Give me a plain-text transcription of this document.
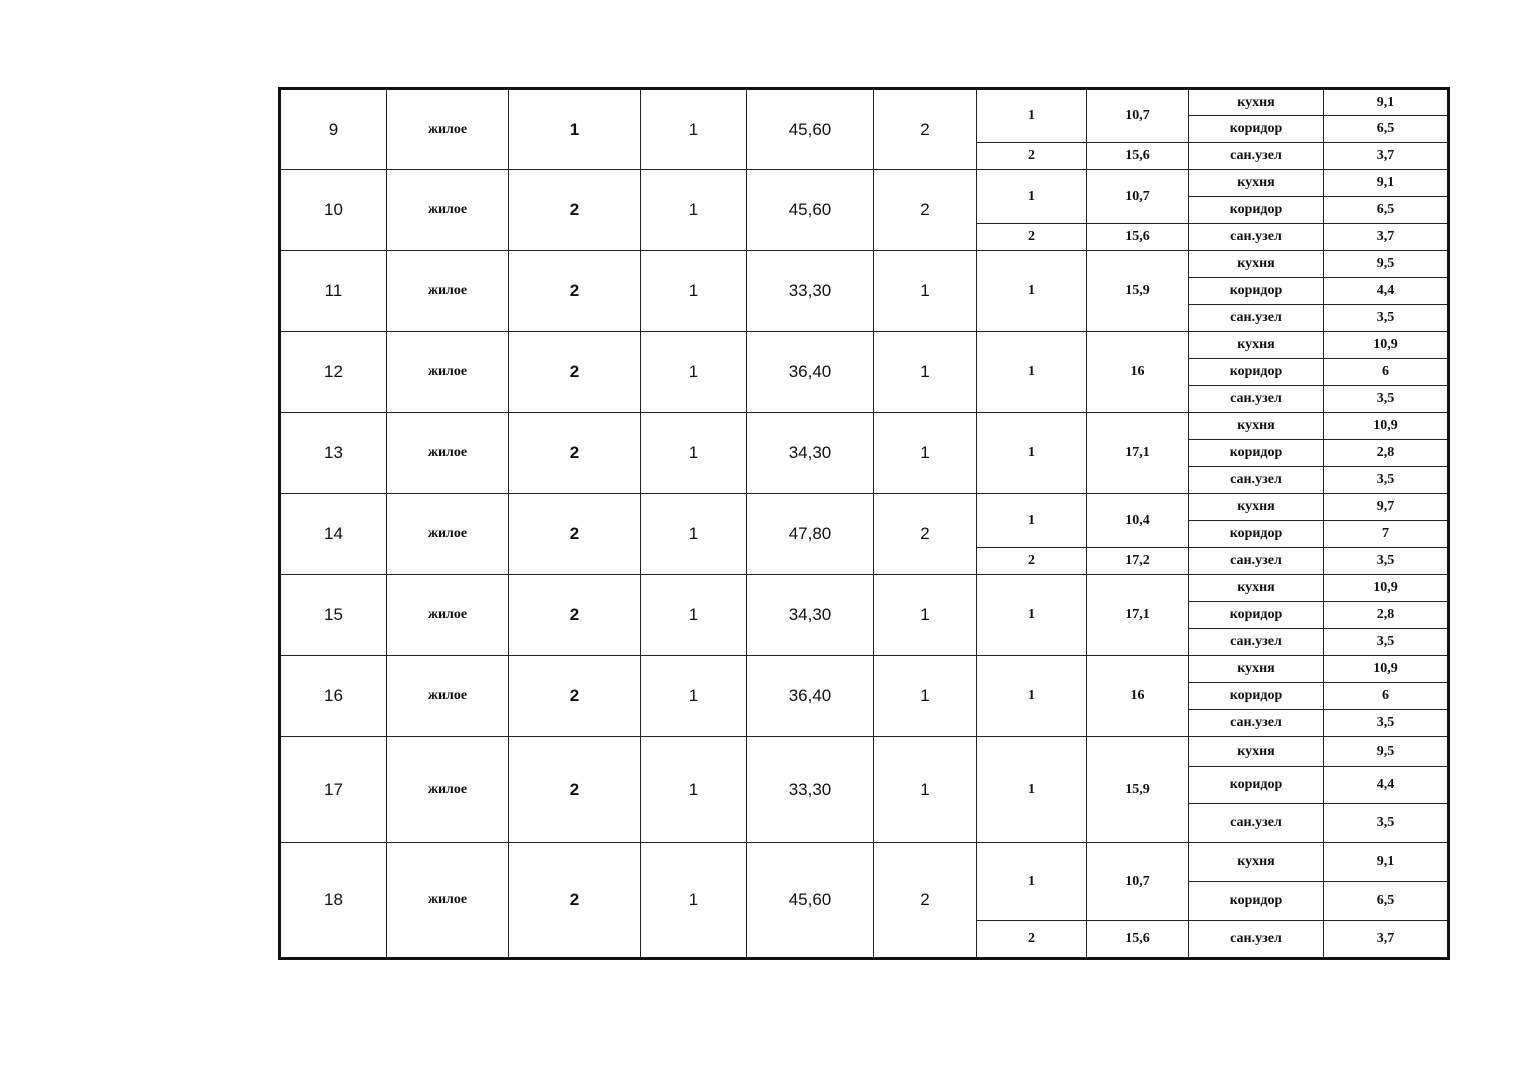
9	жилое	1	1	45,60	2	1	10,7	кухня	9,1
								коридор	6,5
						2	15,6	сан.узел	3,7
10	жилое	2	1	45,60	2	1	10,7	кухня	9,1
								коридор	6,5
						2	15,6	сан.узел	3,7
11	жилое	2	1	33,30	1	1	15,9	кухня	9,5
								коридор	4,4
								сан.узел	3,5
12	жилое	2	1	36,40	1	1	16	кухня	10,9
								коридор	6
								сан.узел	3,5
13	жилое	2	1	34,30	1	1	17,1	кухня	10,9
								коридор	2,8
								сан.узел	3,5
14	жилое	2	1	47,80	2	1	10,4	кухня	9,7
								коридор	7
						2	17,2	сан.узел	3,5
15	жилое	2	1	34,30	1	1	17,1	кухня	10,9
								коридор	2,8
								сан.узел	3,5
16	жилое	2	1	36,40	1	1	16	кухня	10,9
								коридор	6
								сан.узел	3,5
17	жилое	2	1	33,30	1	1	15,9	кухня	9,5
								коридор	4,4
								сан.узел	3,5
18	жилое	2	1	45,60	2	1	10,7	кухня	9,1
								коридор	6,5
						2	15,6	сан.узел	3,7
